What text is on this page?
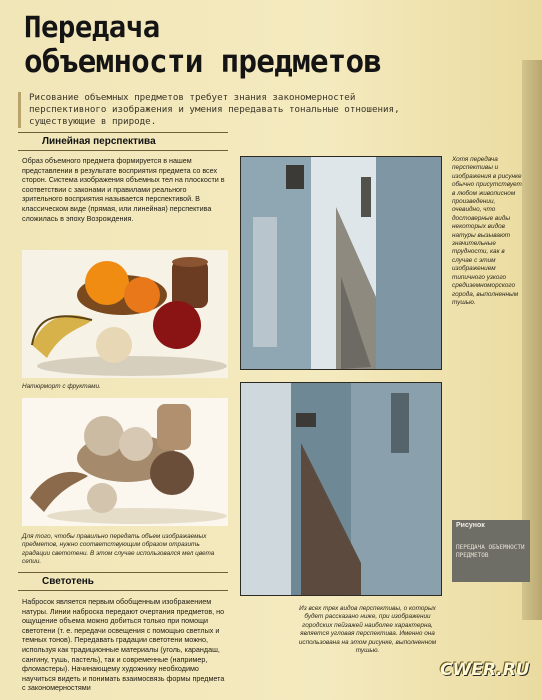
Передача
объемности предметов
Рисование объемных предметов требует знания закономерностей перспективного изображения и умения передавать тональные отношения, существующие в природе.
Линейная перспектива
Образ объемного предмета формируется в нашем представлении в результате восприятия предмета со всех сторон. Система изображения объемных тел на плоскости в соответствии с законами и правилами реального зрительного восприятия называется перспективой. В классическом виде (прямая, или линейная) перспектива сложилась в эпоху Возрождения.
Натюрморт с фруктами.
Для того, чтобы правильно передать объем изображаемых предметов, нужно соответствующим образом отразить градации светотени. В этом случае использовался мел цвета сепии.
Светотень
Набросок является первым обобщенным изображением натуры. Линии наброска передают очертания предметов, но ощущение объема можно добиться только при помощи светотени (т. е. передачи освещения с помощью светлых и темных тонов). Передавать градации светотени можно, используя как традиционные материалы (уголь, карандаш, сангину, тушь, пастель), так и современные (например, фломастеры). Начинающему художнику необходимо научиться видеть и понимать взаимосвязь формы предмета с закономерностями
Хотя передача перспективы и изображения в рисунке обычно присутствует в любом живописном произведении, очевидно, что достоверные виды некоторых видов натуры вызывают значительные трудности, как в случае с этим изображением типичного узкого средиземноморского города, выполненным тушью.
Из всех трех видов перспективы, о которых будет рассказано ниже, при изображении городских пейзажей наиболее характерна, является угловая перспектива. Именно она использована на этом рисунке, выполненном тушью.
Рисунок
ПЕРЕДАЧА ОБЪЕМНОСТИ ПРЕДМЕТОВ
CWER.RU
